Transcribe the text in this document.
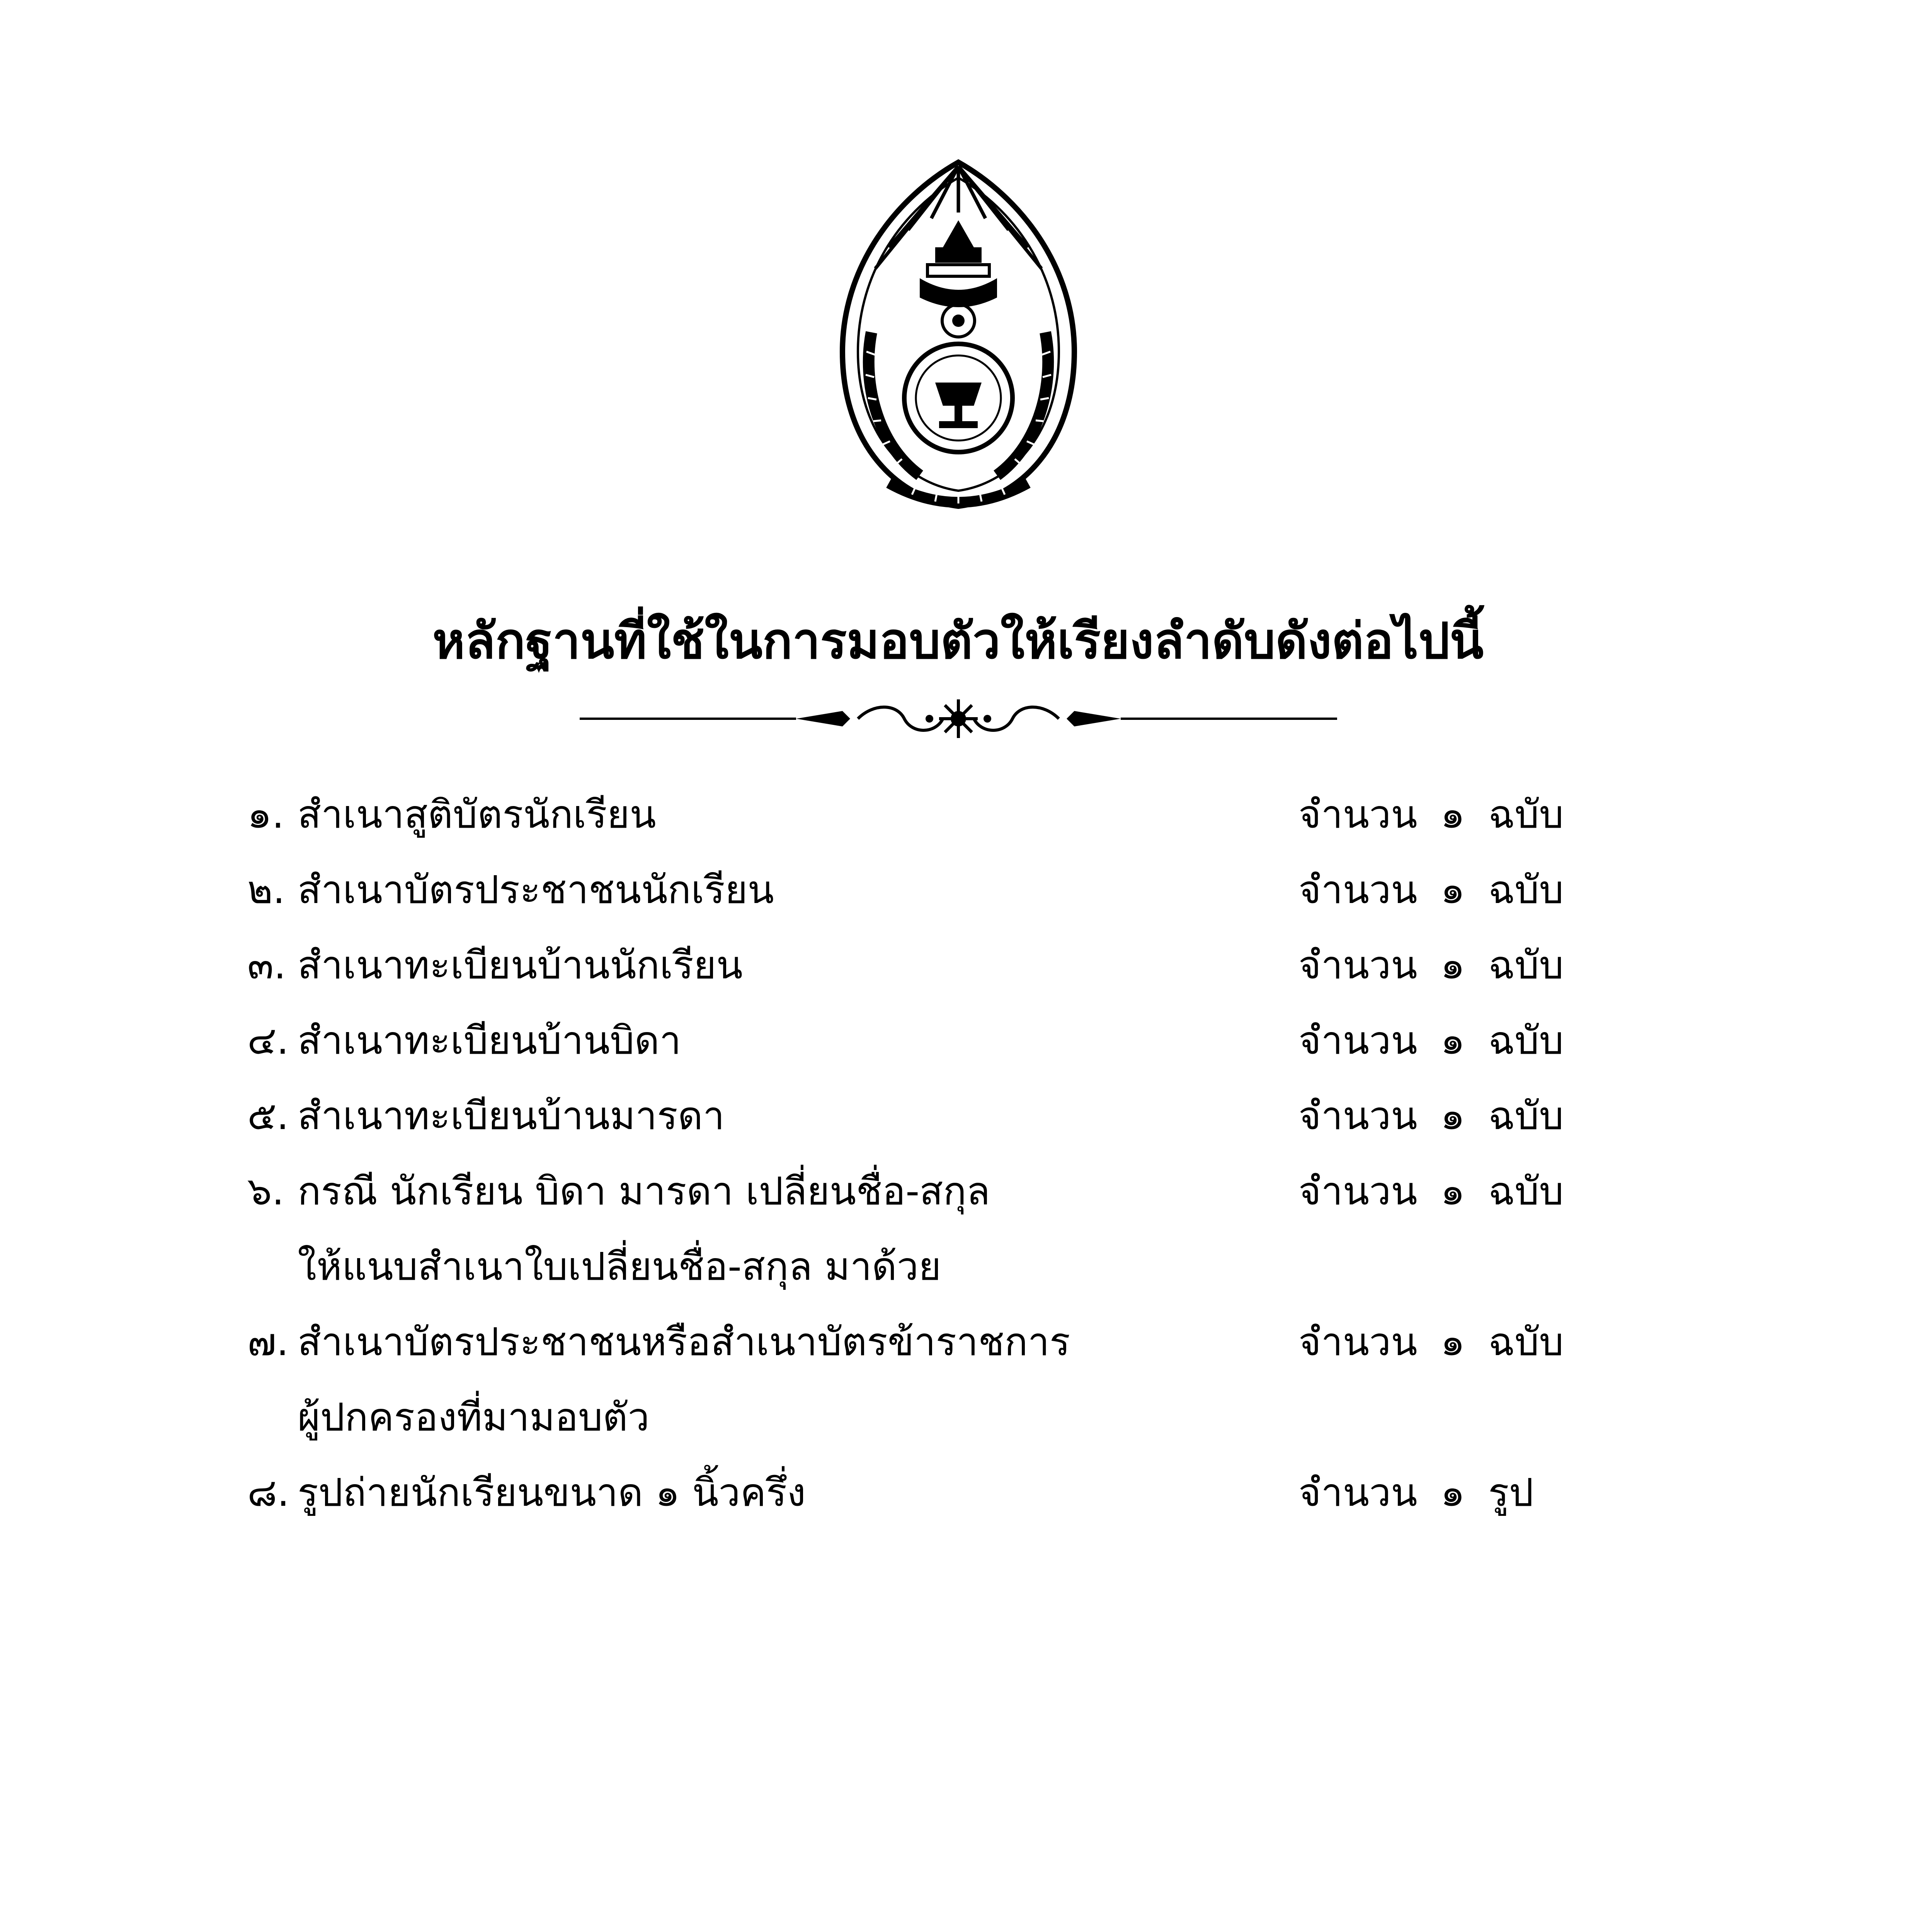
หลักฐานที่ใช้ในการมอบตัวให้เรียงลำดับดังต่อไปนี้
๑. สำเนาสูติบัตรนักเรียน	จำนวน ๑ ฉบับ
๒. สำเนาบัตรประชาชนนักเรียน	จำนวน ๑ ฉบับ
๓. สำเนาทะเบียนบ้านนักเรียน	จำนวน ๑ ฉบับ
๔. สำเนาทะเบียนบ้านบิดา	จำนวน ๑ ฉบับ
๕. สำเนาทะเบียนบ้านมารดา	จำนวน ๑ ฉบับ
๖. กรณี นักเรียน บิดา มารดา เปลี่ยนชื่อ-สกุล	จำนวน ๑ ฉบับ
ให้แนบสำเนาใบเปลี่ยนชื่อ-สกุล มาด้วย
๗. สำเนาบัตรประชาชนหรือสำเนาบัตรข้าราชการ	จำนวน ๑ ฉบับ
ผู้ปกครองที่มามอบตัว
๘. รูปถ่ายนักเรียนขนาด ๑ นิ้วครึ่ง	จำนวน ๑ รูป
